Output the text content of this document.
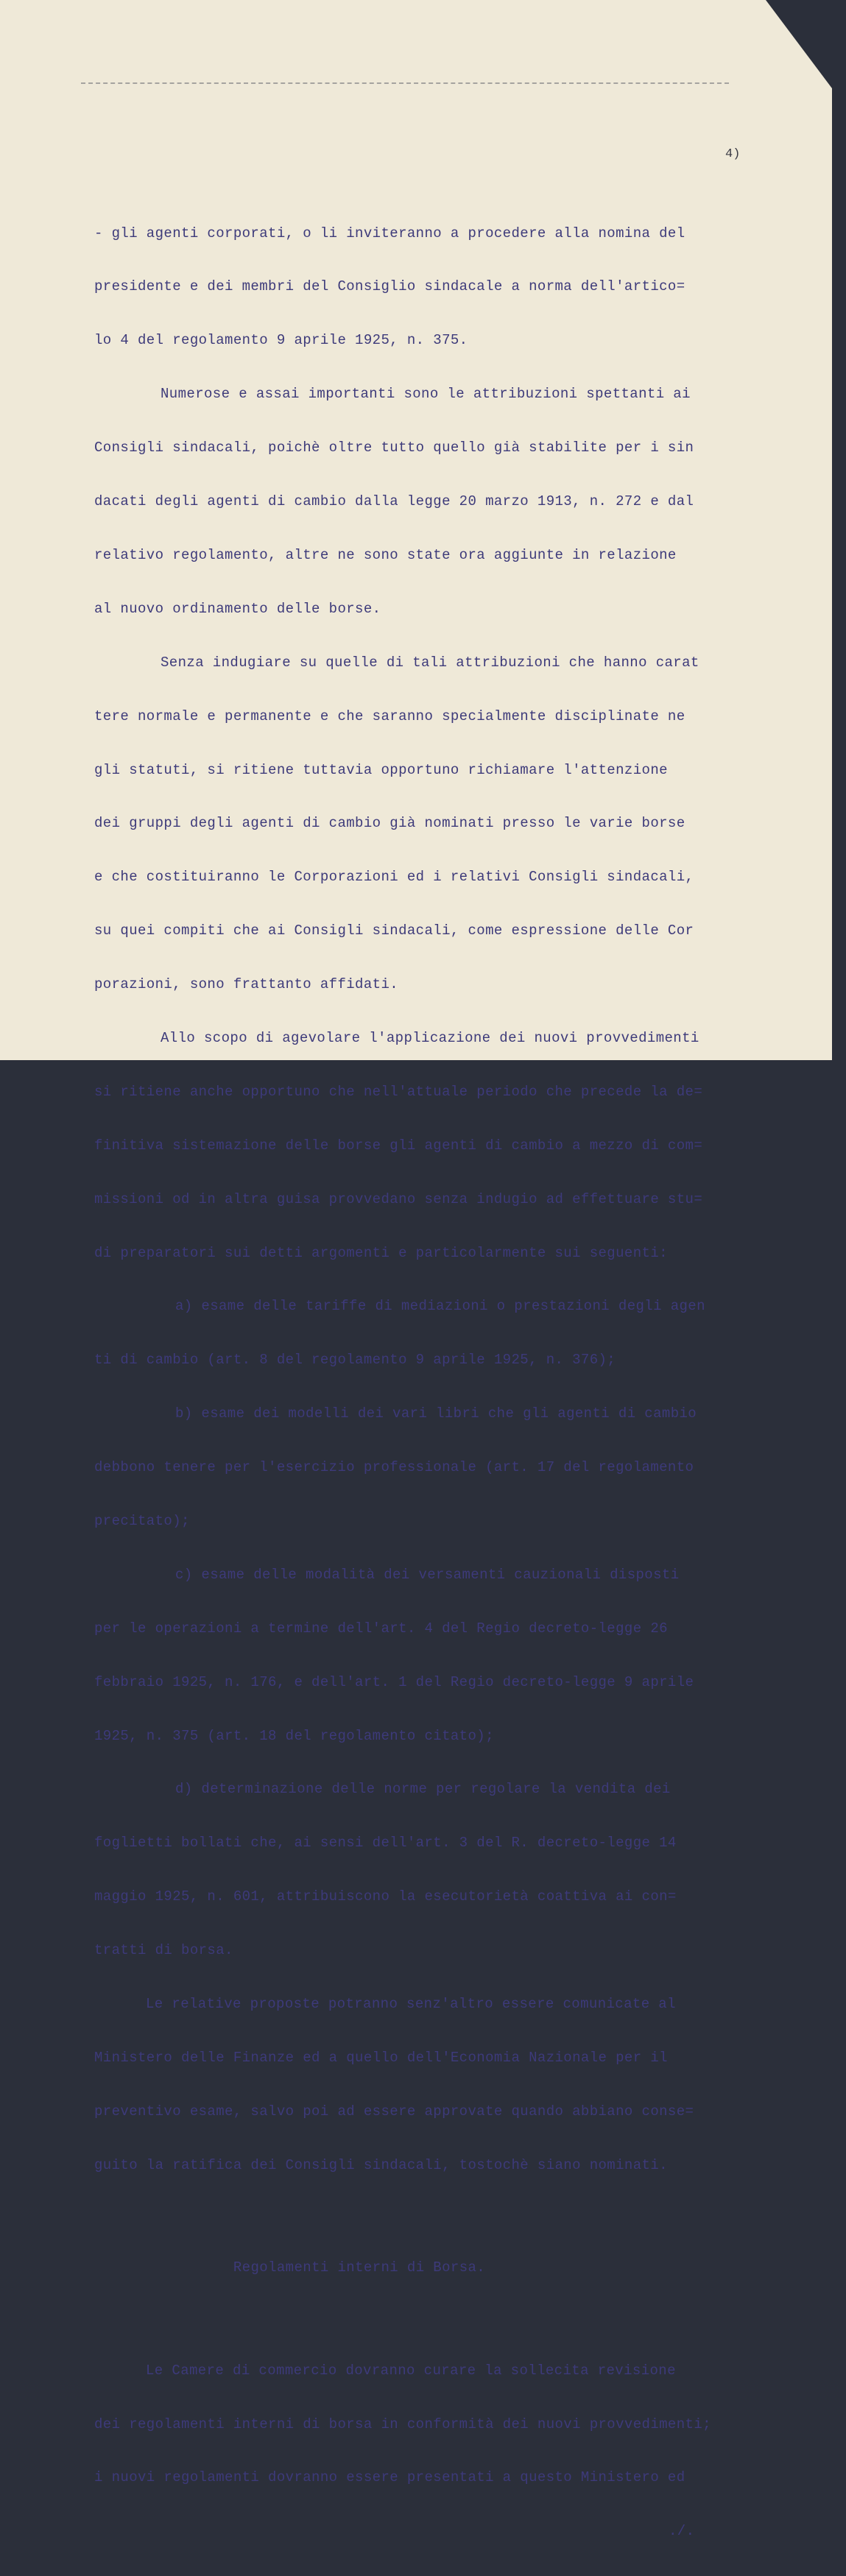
4)

- gli agenti corporati, o li inviteranno a procedere alla nomina del

presidente e dei membri del Consiglio sindacale a norma dell'artico=

lo 4 del regolamento 9 aprile 1925, n. 375.

Numerose e assai importanti sono le attribuzioni spettanti ai

Consigli sindacali, poichè oltre tutto quello già stabilite per i sin

dacati degli agenti di cambio dalla legge 20 marzo 1913, n. 272 e dal

relativo regolamento, altre ne sono state ora aggiunte in relazione

al nuovo ordinamento delle borse.

Senza indugiare su quelle di tali attribuzioni che hanno carat

tere normale e permanente e che saranno specialmente disciplinate ne

gli statuti, si ritiene tuttavia opportuno richiamare l'attenzione

dei gruppi degli agenti di cambio già nominati presso le varie borse

e che costituiranno le Corporazioni ed i relativi Consigli sindacali,

su quei compiti che ai Consigli sindacali, come espressione delle Cor

porazioni, sono frattanto affidati.

Allo scopo di agevolare l'applicazione dei nuovi provvedimenti

si ritiene anche opportuno che nell'attuale periodo che precede la de=

finitiva sistemazione delle borse gli agenti di cambio a mezzo di com=

missioni od in altra guisa provvedano senza indugio ad effettuare stu=

di preparatori sui detti argomenti e particolarmente sui seguenti:

a) esame delle tariffe di mediazioni o prestazioni degli agen

ti di cambio (art. 8 del regolamento 9 aprile 1925, n. 376);

b) esame dei modelli dei vari libri che gli agenti di cambio

debbono tenere per l'esercizio professionale (art. 17 del regolamento

precitato);

c) esame delle modalità dei versamenti cauzionali disposti

per le operazioni a termine dell'art. 4 del Regio decreto-legge 26

febbraio 1925, n. 176, e dell'art. 1 del Regio decreto-legge 9 aprile

1925, n. 375 (art. 18 del regolamento citato);

d) determinazione delle norme per regolare la vendita dei

foglietti bollati che, ai sensi dell'art. 3 del R. decreto-legge 14

maggio 1925, n. 601, attribuiscono la esecutorietà coattiva ai con=

tratti di borsa.

Le relative proposte potranno senz'altro essere comunicate al

Ministero delle Finanze ed a quello dell'Economia Nazionale per il

preventivo esame, salvo poi ad essere approvate quando abbiano conse=

guito la ratifica dei Consigli sindacali, tostochè siano nominati.

Regolamenti interni di Borsa.

Le Camere di commercio dovranno curare la sollecita revisione

dei regolamenti interni di borsa in conformità dei nuovi provvedimenti;

i nuovi regolamenti dovranno essere presentati a questo Ministero ed

./.
